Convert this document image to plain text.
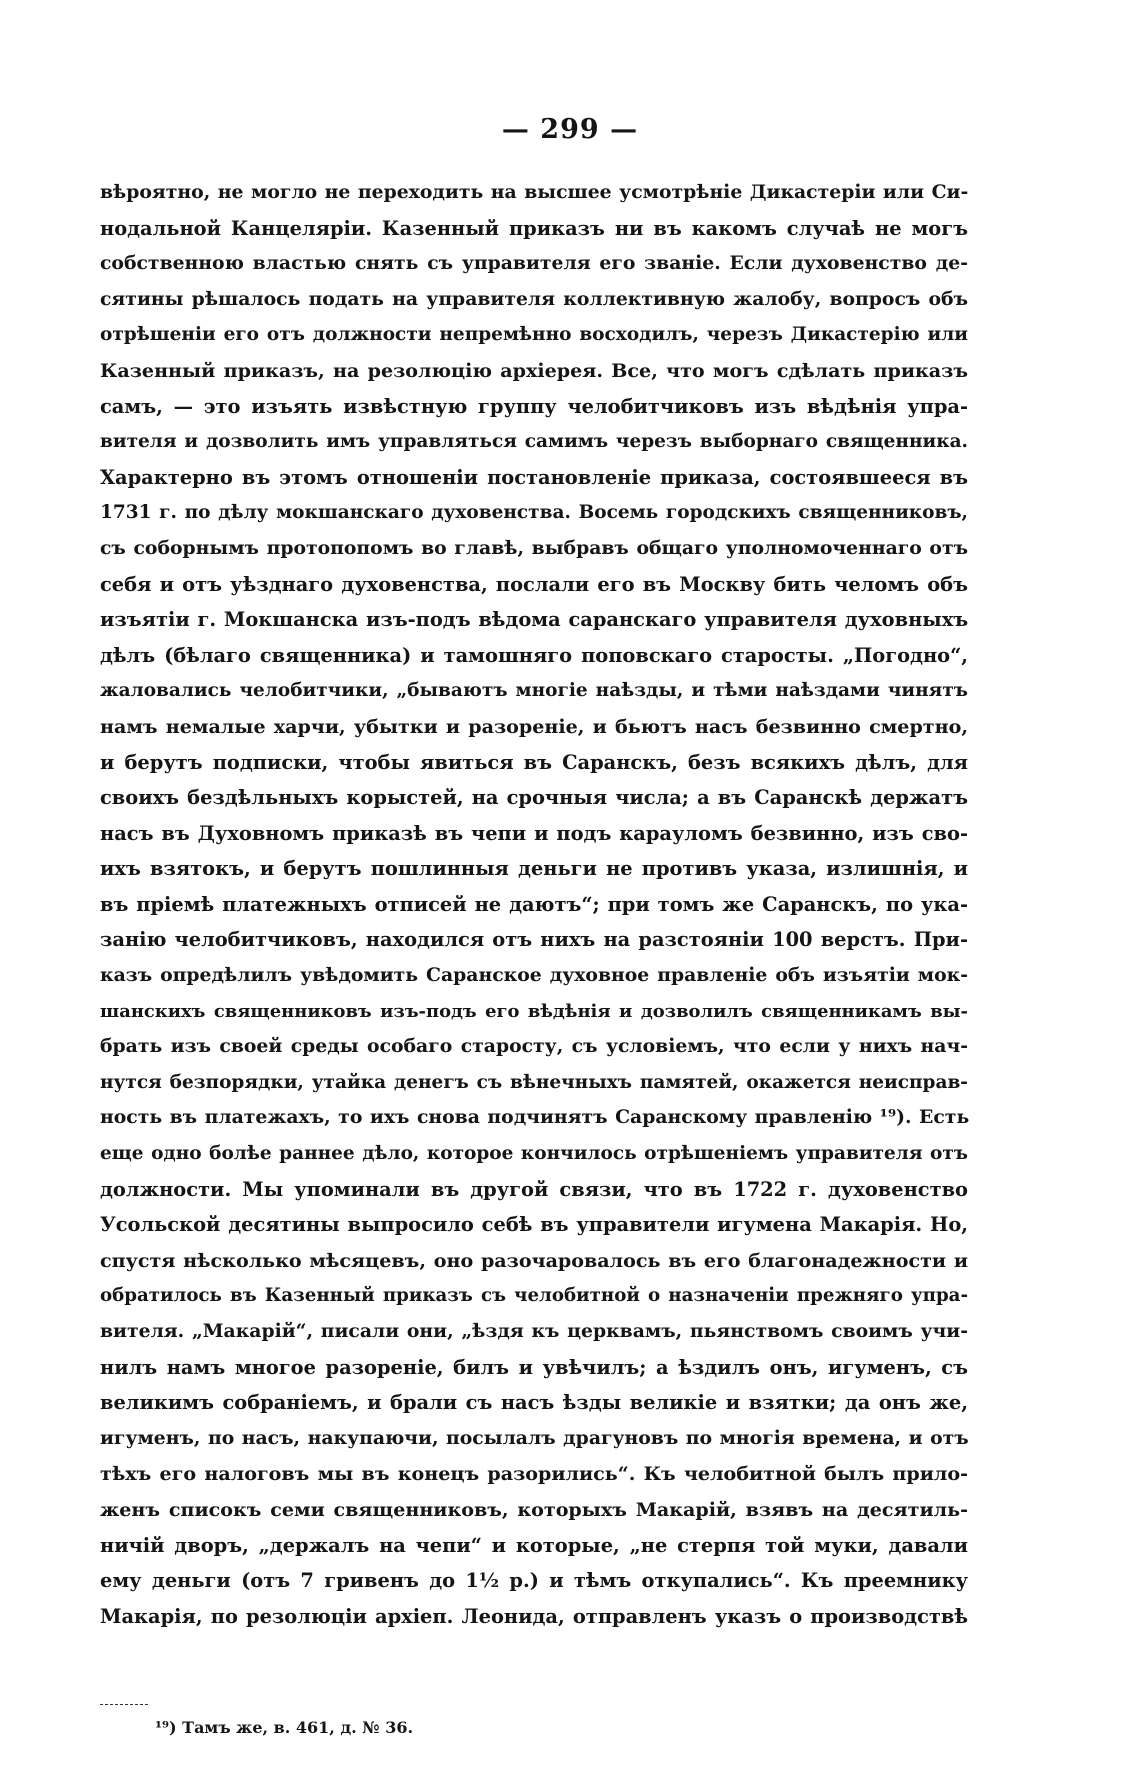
— 299 —
вѣроятно, не могло не переходить на высшее усмотрѣніе Дикастеріи или Си-
нодальной Канцеляріи. Казенный приказъ ни въ какомъ случаѣ не могъ
собственною властью снять съ управителя его званіе. Если духовенство де-
сятины рѣшалось подать на управителя коллективную жалобу, вопросъ объ
отрѣшеніи его отъ должности непремѣнно восходилъ, черезъ Дикастерію или
Казенный приказъ, на резолюцію архіерея. Все, что могъ сдѣлать приказъ
самъ, — это изъять извѣстную группу челобитчиковъ изъ вѣдѣнія упра-
вителя и дозволить имъ управляться самимъ черезъ выборнаго священника.
Характерно въ этомъ отношеніи постановленіе приказа, состоявшееся въ
1731 г. по дѣлу мокшанскаго духовенства. Восемь городскихъ священниковъ,
съ соборнымъ протопопомъ во главѣ, выбравъ общаго уполномоченнаго отъ
себя и отъ уѣзднаго духовенства, послали его въ Москву бить челомъ объ
изъятіи г. Мокшанска изъ-подъ вѣдома саранскаго управителя духовныхъ
дѣлъ (бѣлаго священника) и тамошняго поповскаго старосты. „Погодно“,
жаловались челобитчики, „бываютъ многіе наѣзды, и тѣми наѣздами чинятъ
намъ немалые харчи, убытки и разореніе, и бьютъ насъ безвинно смертно,
и берутъ подписки, чтобы явиться въ Саранскъ, безъ всякихъ дѣлъ, для
своихъ бездѣльныхъ корыстей, на срочныя числа; а въ Саранскѣ держатъ
насъ въ Духовномъ приказѣ въ чепи и подъ карауломъ безвинно, изъ сво-
ихъ взятокъ, и берутъ пошлинныя деньги не противъ указа, излишнія, и
въ пріемѣ платежныхъ отписей не даютъ“; при томъ же Саранскъ, по ука-
занію челобитчиковъ, находился отъ нихъ на разстояніи 100 верстъ. При-
казъ опредѣлилъ увѣдомить Саранское духовное правленіе объ изъятіи мок-
шанскихъ священниковъ изъ-подъ его вѣдѣнія и дозволилъ священникамъ вы-
брать изъ своей среды особаго старосту, съ условіемъ, что если у нихъ нач-
нутся безпорядки, утайка денегъ съ вѣнечныхъ памятей, окажется неисправ-
ность въ платежахъ, то ихъ снова подчинятъ Саранскому правленію ¹⁹). Есть
еще одно болѣе раннее дѣло, которое кончилось отрѣшеніемъ управителя отъ
должности. Мы упоминали въ другой связи, что въ 1722 г. духовенство
Усольской десятины выпросило себѣ въ управители игумена Макарія. Но,
спустя нѣсколько мѣсяцевъ, оно разочаровалось въ его благонадежности и
обратилось въ Казенный приказъ съ челобитной о назначеніи прежняго упра-
вителя. „Макарій“, писали они, „ѣздя къ церквамъ, пьянствомъ своимъ учи-
нилъ намъ многое разореніе, билъ и увѣчилъ; а ѣздилъ онъ, игуменъ, съ
великимъ собраніемъ, и брали съ насъ ѣзды великіе и взятки; да онъ же,
игуменъ, по насъ, накупаючи, посылалъ драгуновъ по многія времена, и отъ
тѣхъ его налоговъ мы въ конецъ разорились“. Къ челобитной былъ прило-
женъ списокъ семи священниковъ, которыхъ Макарій, взявъ на десятиль-
ничій дворъ, „держалъ на чепи“ и которые, „не стерпя той муки, давали
ему деньги (отъ 7 гривенъ до 1½ р.) и тѣмъ откупались“. Къ преемнику
Макарія, по резолюціи архіеп. Леонида, отправленъ указъ о производствѣ
¹⁹) Тамъ же, в. 461, д. № 36.
